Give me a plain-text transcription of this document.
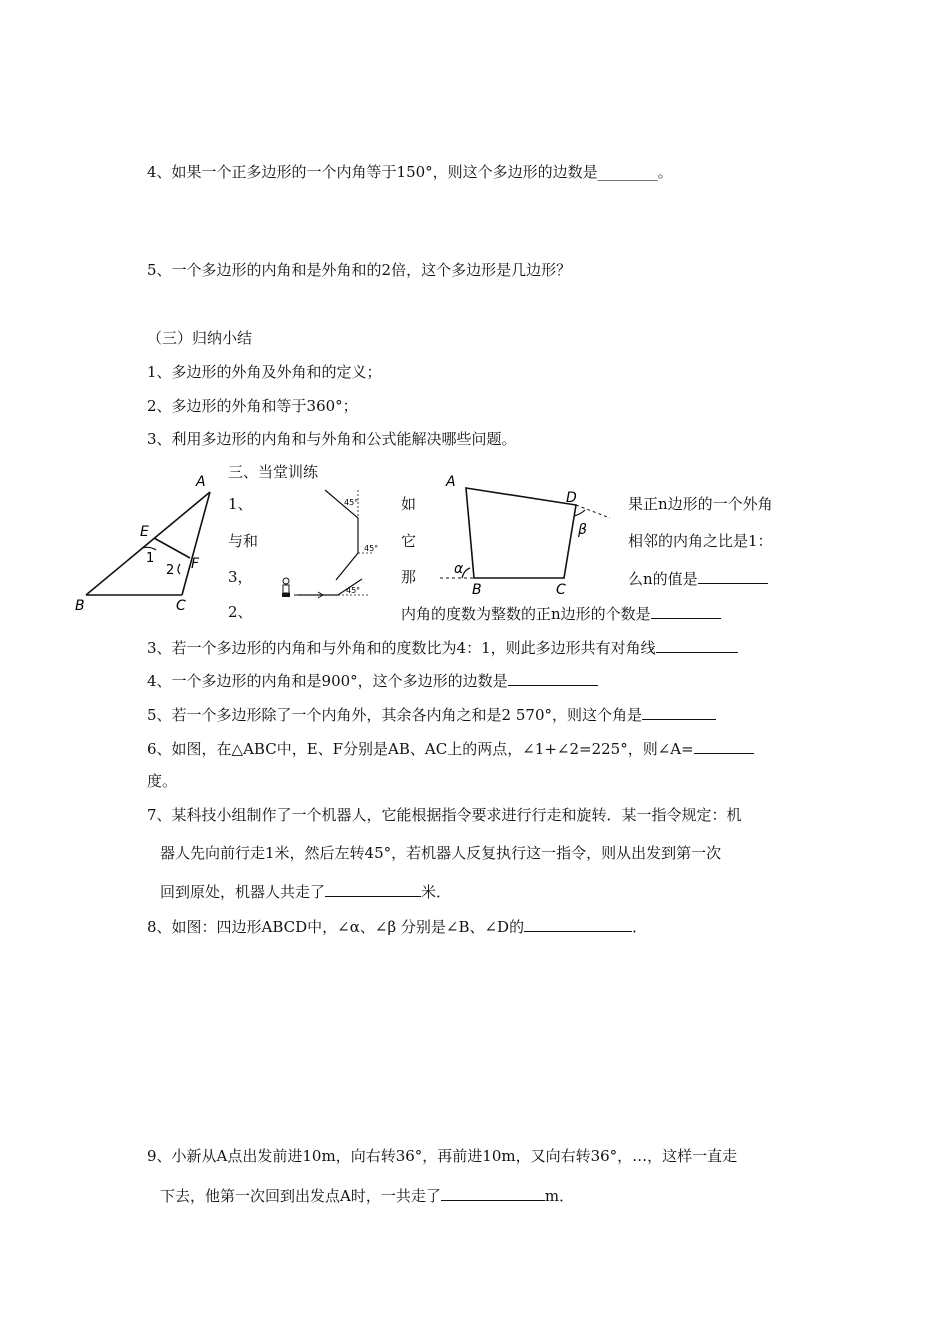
4、如果一个正多边形的一个内角等于150°，则这个多边形的边数是________。
5、一个多边形的内角和是外角和的2倍，这个多边形是几边形？
（三）归纳小结
1、多边形的外角及外角和的定义；
2、多边形的外角和等于360°；
3、利用多边形的内角和与外角和公式能解决哪些问题。
三、当堂训练
A
E
1
2 F
B	C
45°
45°
45°
A
D
β
α
B	C
1、	如	果正n边形的一个外角
与和	它	相邻的内角之比是1：
3，	那	么n的值是
2、	内角的度数为整数的正n边形的个数是
3、若一个多边形的内角和与外角和的度数比为4：1，则此多边形共有对角线
4、一个多边形的内角和是900°，这个多边形的边数是
5、若一个多边形除了一个内角外，其余各内角之和是2 570°，则这个角是
6、如图，在△ABC中，E、F分别是AB、AC上的两点，∠1+∠2=225°，则∠A=
度。
7、某科技小组制作了一个机器人，它能根据指令要求进行行走和旋转．某一指令规定：机
器人先向前行走1米，然后左转45°，若机器人反复执行这一指令，则从出发到第一次
回到原处，机器人共走了	米．
8、如图：四边形ABCD中，∠α、∠β 分别是∠B、∠D的	．
9、小新从A点出发前进10m，向右转36°，再前进10m，又向右转36°，…，这样一直走
下去，他第一次回到出发点A时，一共走了	m．
